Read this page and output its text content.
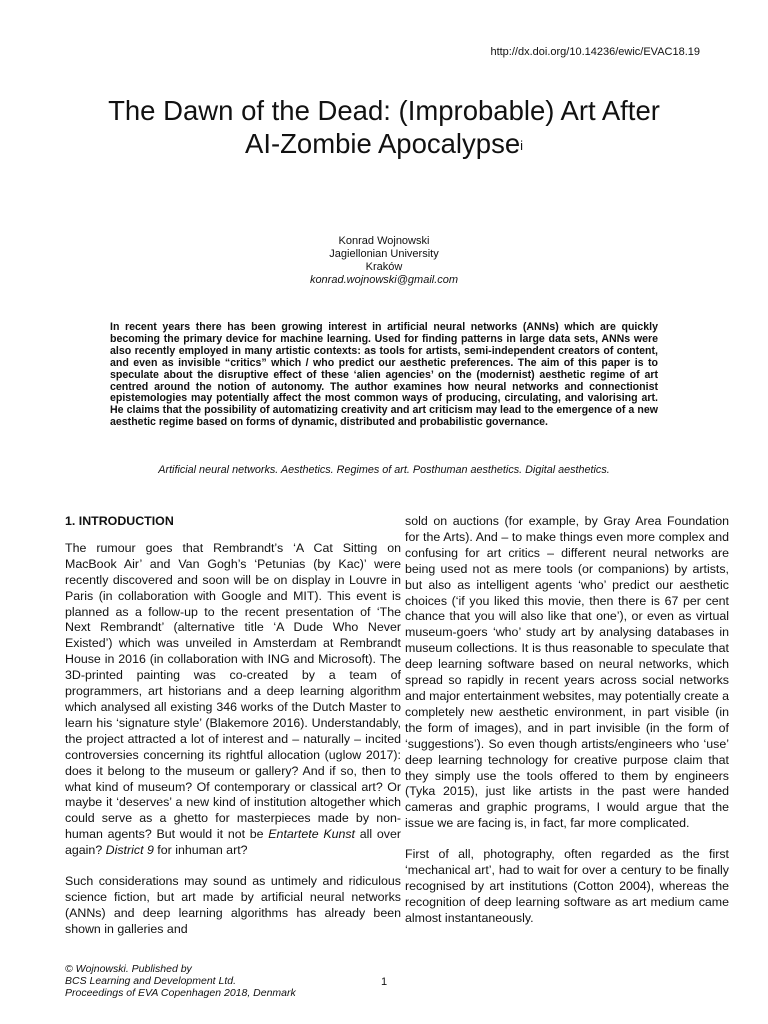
http://dx.doi.org/10.14236/ewic/EVAC18.19
The Dawn of the Dead: (Improbable) Art After
AI-Zombie Apocalypse$^i$
Konrad Wojnowski
Jagiellonian University
Kraków
konrad.wojnowski@gmail.com

In recent years there has been growing interest in artificial neural networks (ANNs) which are quickly becoming the primary device for machine learning. Used for finding patterns in large data sets, ANNs were also recently employed in many artistic contexts: as tools for artists, semi-independent creators of content, and even as invisible “critics” which / who predict our aesthetic preferences. The aim of this paper is to speculate about the disruptive effect of these ‘alien agencies’ on the (modernist) aesthetic regime of art centred around the notion of autonomy. The author examines how neural networks and connectionist epistemologies may potentially affect the most common ways of producing, circulating, and valorising art. He claims that the possibility of automatizing creativity and art criticism may lead to the emergence of a new aesthetic regime based on forms of dynamic, distributed and probabilistic governance.

Artificial neural networks. Aesthetics. Regimes of art. Posthuman aesthetics. Digital aesthetics.
1. INTRODUCTION

The rumour goes that Rembrandt’s ‘A Cat Sitting on MacBook Air’ and Van Gogh’s ‘Petunias (by Kac)’ were recently discovered and soon will be on display in Louvre in Paris (in collaboration with Google and MIT). This event is planned as a follow-up to the recent presentation of ‘The Next Rembrandt’ (alternative title ‘A Dude Who Never Existed’) which was unveiled in Amsterdam at Rembrandt House in 2016 (in collaboration with ING and Microsoft). The 3D-printed painting was co-created by a team of programmers, art historians and a deep learning algorithm which analysed all existing 346 works of the Dutch Master to learn his ‘signature style’ (Blakemore 2016). Understandably, the project attracted a lot of interest and – naturally – incited controversies concerning its rightful allocation (uglow 2017): does it belong to the museum or gallery? And if so, then to what kind of museum? Of contemporary or classical art? Or maybe it ‘deserves’ a new kind of institution altogether which could serve as a ghetto for masterpieces made by non-human agents? But would it not be Entartete Kunst all over again? District 9 for inhuman art?

Such considerations may sound as untimely and ridiculous science fiction, but art made by artificial neural networks (ANNs) and deep learning algorithms has already been shown in galleries and

sold on auctions (for example, by Gray Area Foundation for the Arts). And – to make things even more complex and confusing for art critics – different neural networks are being used not as mere tools (or companions) by artists, but also as intelligent agents ‘who’ predict our aesthetic choices (‘if you liked this movie, then there is 67 per cent chance that you will also like that one’), or even as virtual museum-goers ‘who’ study art by analysing databases in museum collections. It is thus reasonable to speculate that deep learning software based on neural networks, which spread so rapidly in recent years across social networks and major entertainment websites, may potentially create a completely new aesthetic environment, in part visible (in the form of images), and in part invisible (in the form of ‘suggestions’). So even though artists/engineers who ‘use’ deep learning technology for creative purpose claim that they simply use the tools offered to them by engineers (Tyka 2015), just like artists in the past were handed cameras and graphic programs, I would argue that the issue we are facing is, in fact, far more complicated.

First of all, photography, often regarded as the first ‘mechanical art’, had to wait for over a century to be finally recognised by art institutions (Cotton 2004), whereas the recognition of deep learning software as art medium came almost instantaneously.

© Wojnowski. Published by
BCS Learning and Development Ltd.
Proceedings of EVA Copenhagen 2018, Denmark
1
